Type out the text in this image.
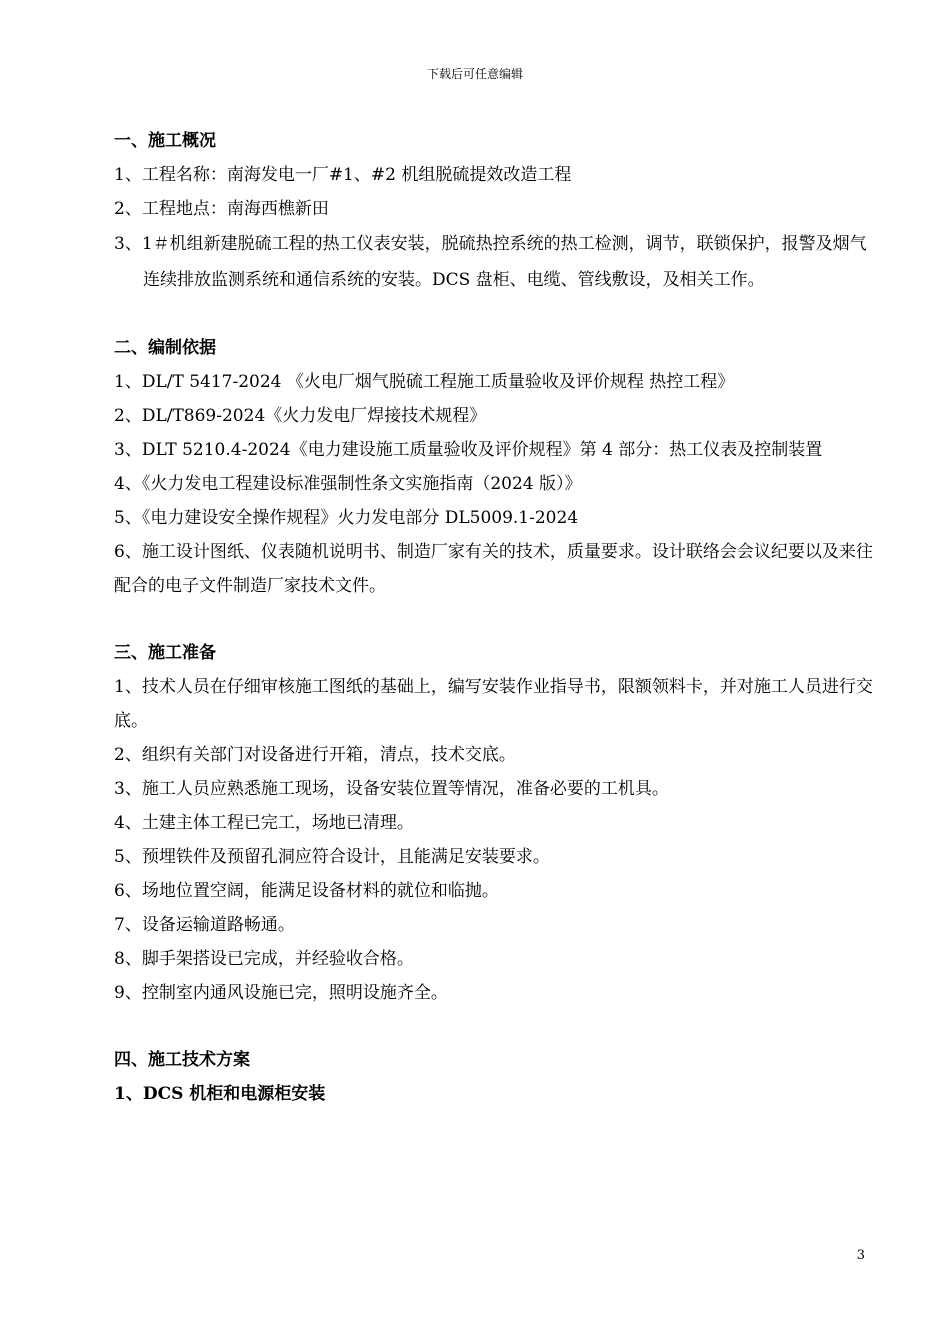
下载后可任意编辑

一、施工概况

1、工程名称：南海发电一厂#1、#2 机组脱硫提效改造工程

2、工程地点：南海西樵新田

3、1＃机组新建脱硫工程的热工仪表安装，脱硫热控系统的热工检测，调节，联锁保护，报警及烟气连续排放监测系统和通信系统的安装。DCS 盘柜、电缆、管线敷设，及相关工作。

二、编制依据

1、DL/T 5417-2024 《火电厂烟气脱硫工程施工质量验收及评价规程 热控工程》

2、DL/T869-2024《火力发电厂焊接技术规程》

3、DLT 5210.4-2024《电力建设施工质量验收及评价规程》第 4 部分：热工仪表及控制装置

4、《火力发电工程建设标准强制性条文实施指南（2024 版）》

5、《电力建设安全操作规程》火力发电部分 DL5009.1-2024

6、施工设计图纸、仪表随机说明书、制造厂家有关的技术，质量要求。设计联络会会议纪要以及来往配合的电子文件制造厂家技术文件。

三、施工准备

1、技术人员在仔细审核施工图纸的基础上，编写安装作业指导书，限额领料卡，并对施工人员进行交底。

2、组织有关部门对设备进行开箱，清点，技术交底。

3、施工人员应熟悉施工现场，设备安装位置等情况，准备必要的工机具。

4、土建主体工程已完工，场地已清理。

5、预埋铁件及预留孔洞应符合设计，且能满足安装要求。

6、场地位置空阔，能满足设备材料的就位和临抛。

7、设备运输道路畅通。

8、脚手架搭设已完成，并经验收合格。

9、控制室内通风设施已完，照明设施齐全。

四、施工技术方案

1、DCS 机柜和电源柜安装

3
